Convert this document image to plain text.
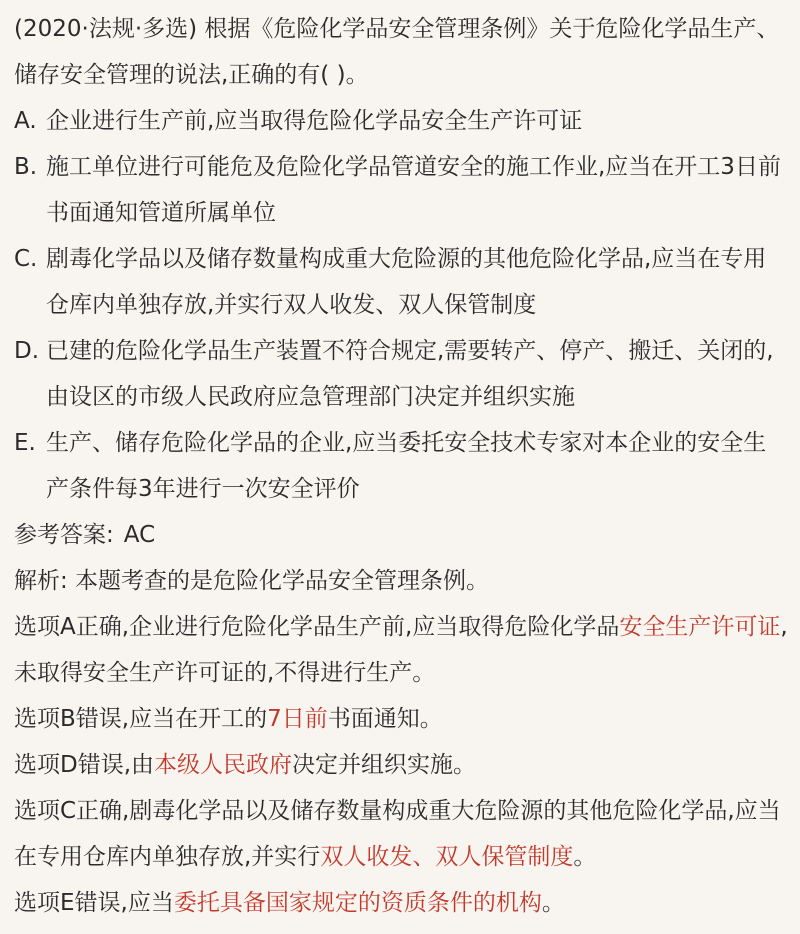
(2020·法规·多选) 根据《危险化学品安全管理条例》关于危险化学品生产、储存安全管理的说法,正确的有( )。

A. 企业进行生产前,应当取得危险化学品安全生产许可证
B. 施工单位进行可能危及危险化学品管道安全的施工作业,应当在开工3日前书面通知管道所属单位
C. 剧毒化学品以及储存数量构成重大危险源的其他危险化学品,应当在专用仓库内单独存放,并实行双人收发、双人保管制度
D. 已建的危险化学品生产装置不符合规定,需要转产、停产、搬迁、关闭的,由设区的市级人民政府应急管理部门决定并组织实施
E. 生产、储存危险化学品的企业,应当委托安全技术专家对本企业的安全生产条件每3年进行一次安全评价

参考答案: AC

解析: 本题考查的是危险化学品安全管理条例。

选项A正确,企业进行危险化学品生产前,应当取得危险化学品安全生产许可证,未取得安全生产许可证的,不得进行生产。

选项B错误,应当在开工的7日前书面通知。

选项D错误,由本级人民政府决定并组织实施。

选项C正确,剧毒化学品以及储存数量构成重大危险源的其他危险化学品,应当在专用仓库内单独存放,并实行双人收发、双人保管制度。

选项E错误,应当委托具备国家规定的资质条件的机构。
